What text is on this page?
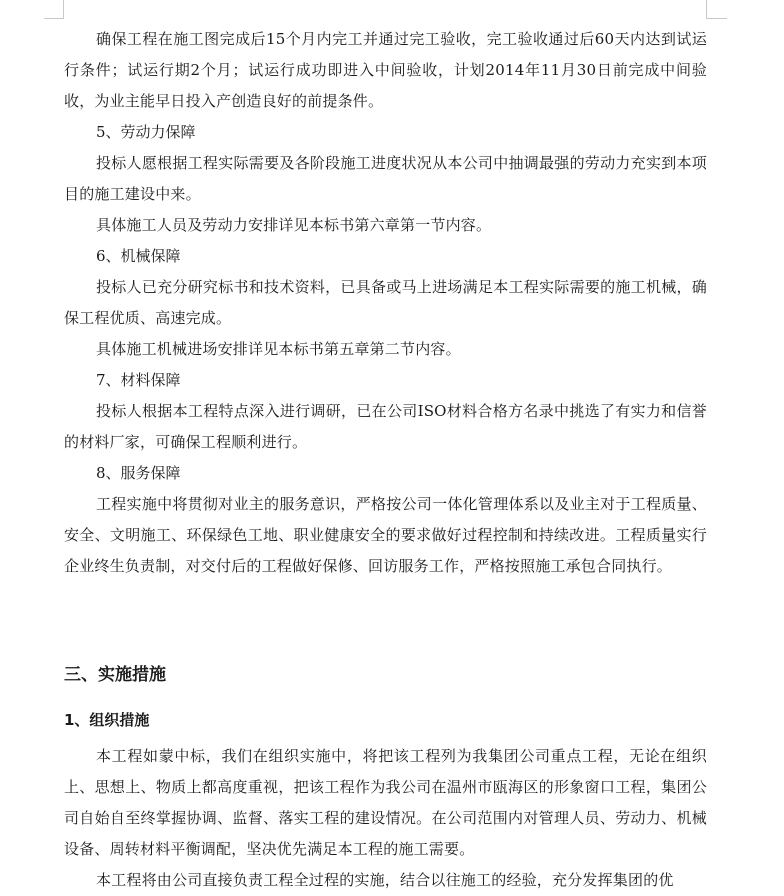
确保工程在施工图完成后15个月内完工并通过完工验收，完工验收通过后60天内达到试运行条件；试运行期2个月；试运行成功即进入中间验收，计划2014年11月30日前完成中间验收，为业主能早日投入产创造良好的前提条件。

5、劳动力保障

投标人愿根据工程实际需要及各阶段施工进度状况从本公司中抽调最强的劳动力充实到本项目的施工建设中来。

具体施工人员及劳动力安排详见本标书第六章第一节内容。

6、机械保障

投标人已充分研究标书和技术资料，已具备或马上进场满足本工程实际需要的施工机械，确保工程优质、高速完成。

具体施工机械进场安排详见本标书第五章第二节内容。

7、材料保障

投标人根据本工程特点深入进行调研，已在公司ISO材料合格方名录中挑选了有实力和信誉的材料厂家，可确保工程顺利进行。

8、服务保障

工程实施中将贯彻对业主的服务意识，严格按公司一体化管理体系以及业主对于工程质量、安全、文明施工、环保绿色工地、职业健康安全的要求做好过程控制和持续改进。工程质量实行企业终生负责制，对交付后的工程做好保修、回访服务工作，严格按照施工承包合同执行。

三、实施措施
1、组织措施

本工程如蒙中标，我们在组织实施中，将把该工程列为我集团公司重点工程，无论在组织上、思想上、物质上都高度重视，把该工程作为我公司在温州市瓯海区的形象窗口工程，集团公司自始自至终掌握协调、监督、落实工程的建设情况。在公司范围内对管理人员、劳动力、机械设备、周转材料平衡调配，坚决优先满足本工程的施工需要。

本工程将由公司直接负责工程全过程的实施，结合以往施工的经验，充分发挥集团的优
